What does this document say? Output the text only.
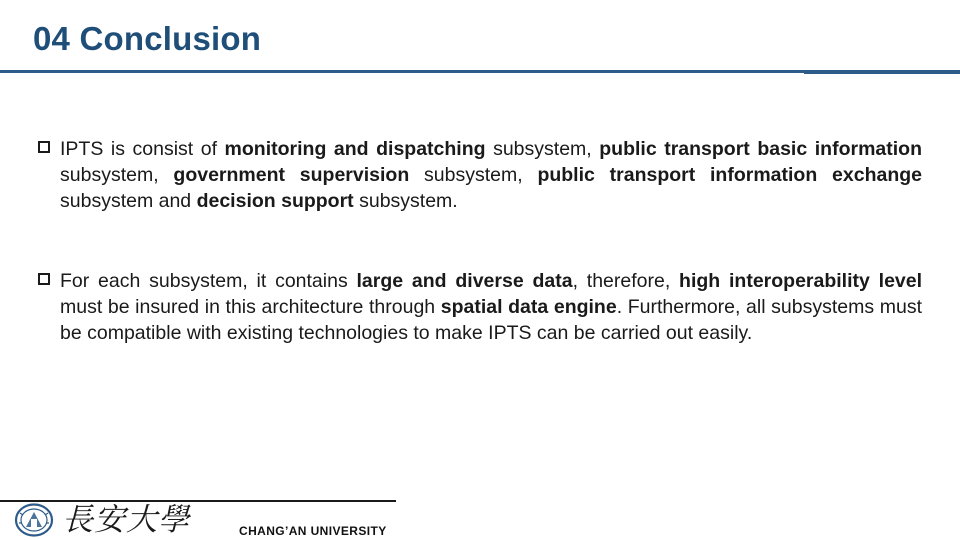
04 Conclusion
IPTS is consist of monitoring and dispatching subsystem, public transport basic information subsystem, government supervision subsystem, public transport information exchange subsystem and decision support subsystem.
For each subsystem, it contains large and diverse data, therefore, high interoperability level must be insured in this architecture through spatial data engine. Furthermore, all subsystems must be compatible with existing technologies to make IPTS can be carried out easily.
長安大學	CHANG’AN UNIVERSITY
